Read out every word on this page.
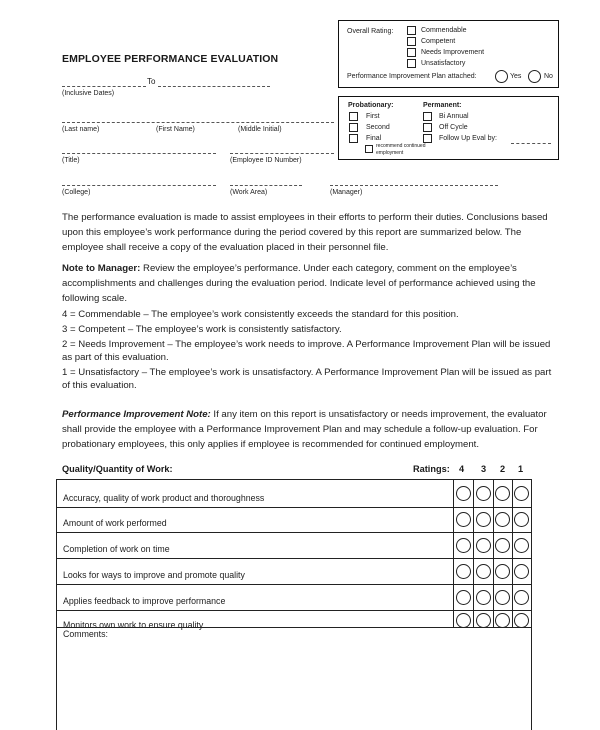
EMPLOYEE PERFORMANCE EVALUATION
To
(Inclusive Dates)
(Last name)	(First Name)	(Middle Initial)
(Title)	(Employee ID Number)
(College)	(Work Area)	(Manager)
Overall Rating:	Commendable
Competent
Needs Improvement
Unsatisfactory
Performance Improvement Plan attached:	Yes	No
Probationary:
First
Second
Final
recommend continued
employment
Permanent:
Bi Annual
Off Cycle
Follow Up Eval by:
The performance evaluation is made to assist employees in their efforts to perform their duties. Conclusions based
upon this employee’s work performance during the period covered by this report are summarized below. The
employee shall receive a copy of the evaluation placed in their personnel file.
Note to Manager: Review the employee’s performance. Under each category, comment on the employee’s
accomplishments and challenges during the evaluation period. Indicate level of performance achieved using the
following scale.
4 = Commendable – The employee’s work consistently exceeds the standard for this position.
3 = Competent – The employee’s work is consistently satisfactory.
2 = Needs Improvement – The employee’s work needs to improve. A Performance Improvement Plan will be issued
as part of this evaluation.
1 = Unsatisfactory – The employee’s work is unsatisfactory. A Performance Improvement Plan will be issued as part
of this evaluation.
Performance Improvement Note: If any item on this report is unsatisfactory or needs improvement, the evaluator
shall provide the employee with a Performance Improvement Plan and may schedule a follow-up evaluation. For
probationary employees, this only applies if employee is recommended for continued employment.
Quality/Quantity of Work:	Ratings: 4 3 2 1
Accuracy, quality of work product and thoroughness
Amount of work performed
Completion of work on time
Looks for ways to improve and promote quality
Applies feedback to improve performance
Monitors own work to ensure quality
Comments:
